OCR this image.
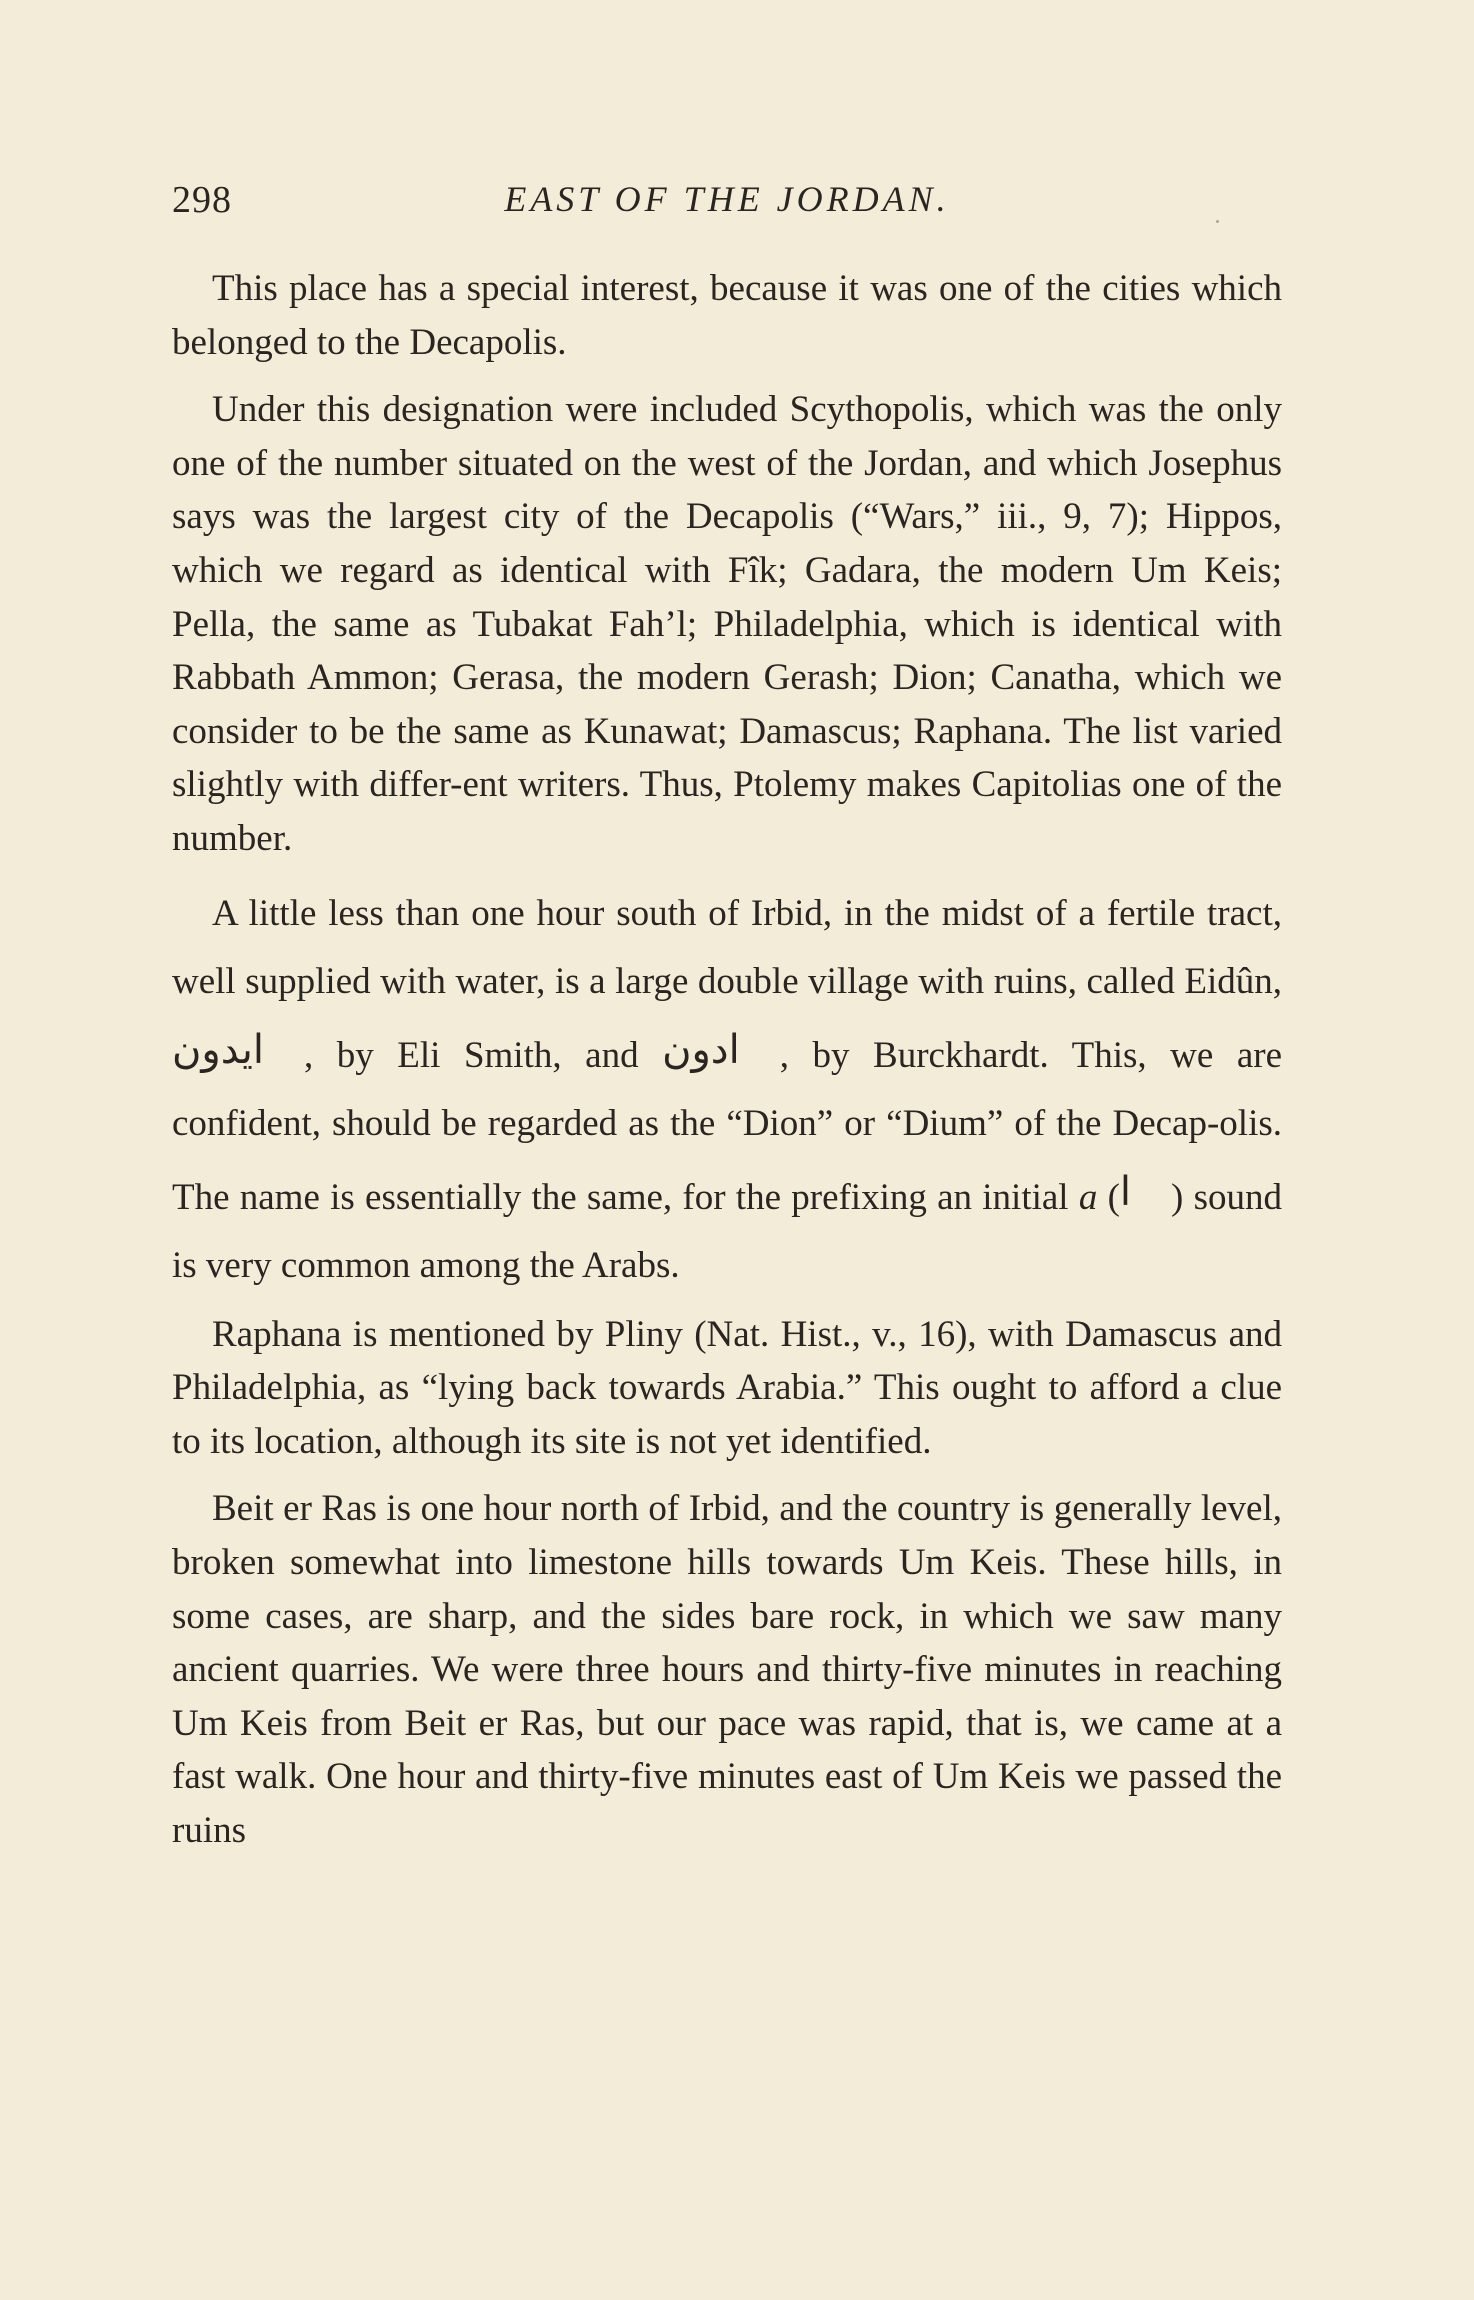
298	EAST OF THE JORDAN.

This place has a special interest, because it was one of the cities which belonged to the Decapolis.

Under this designation were included Scythopolis, which was the only one of the number situated on the west of the Jordan, and which Josephus says was the largest city of the Decapolis (“Wars,” iii., 9, 7); Hippos, which we regard as identical with Fîk; Gadara, the modern Um Keis; Pella, the same as Tubakat Fah’l; Philadelphia, which is identical with Rabbath Ammon; Gerasa, the modern Gerash; Dion; Canatha, which we consider to be the same as Kunawat; Damascus; Raphana. The list varied slightly with differ-ent writers. Thus, Ptolemy makes Capitolias one of the number.

A little less than one hour south of Irbid, in the midst of a fertile tract, well supplied with water, is a large double village with ruins, called Eidûn, ايدون , by Eli Smith, and ادون , by Burckhardt. This, we are confident, should be regarded as the “Dion” or “Dium” of the Decap-olis. The name is essentially the same, for the prefixing an initial a (ا ) sound is very common among the Arabs.

Raphana is mentioned by Pliny (Nat. Hist., v., 16), with Damascus and Philadelphia, as “lying back towards Arabia.” This ought to afford a clue to its location, although its site is not yet identified.

Beit er Ras is one hour north of Irbid, and the country is generally level, broken somewhat into limestone hills towards Um Keis. These hills, in some cases, are sharp, and the sides bare rock, in which we saw many ancient quarries. We were three hours and thirty-five minutes in reaching Um Keis from Beit er Ras, but our pace was rapid, that is, we came at a fast walk. One hour and thirty-five minutes east of Um Keis we passed the ruins
